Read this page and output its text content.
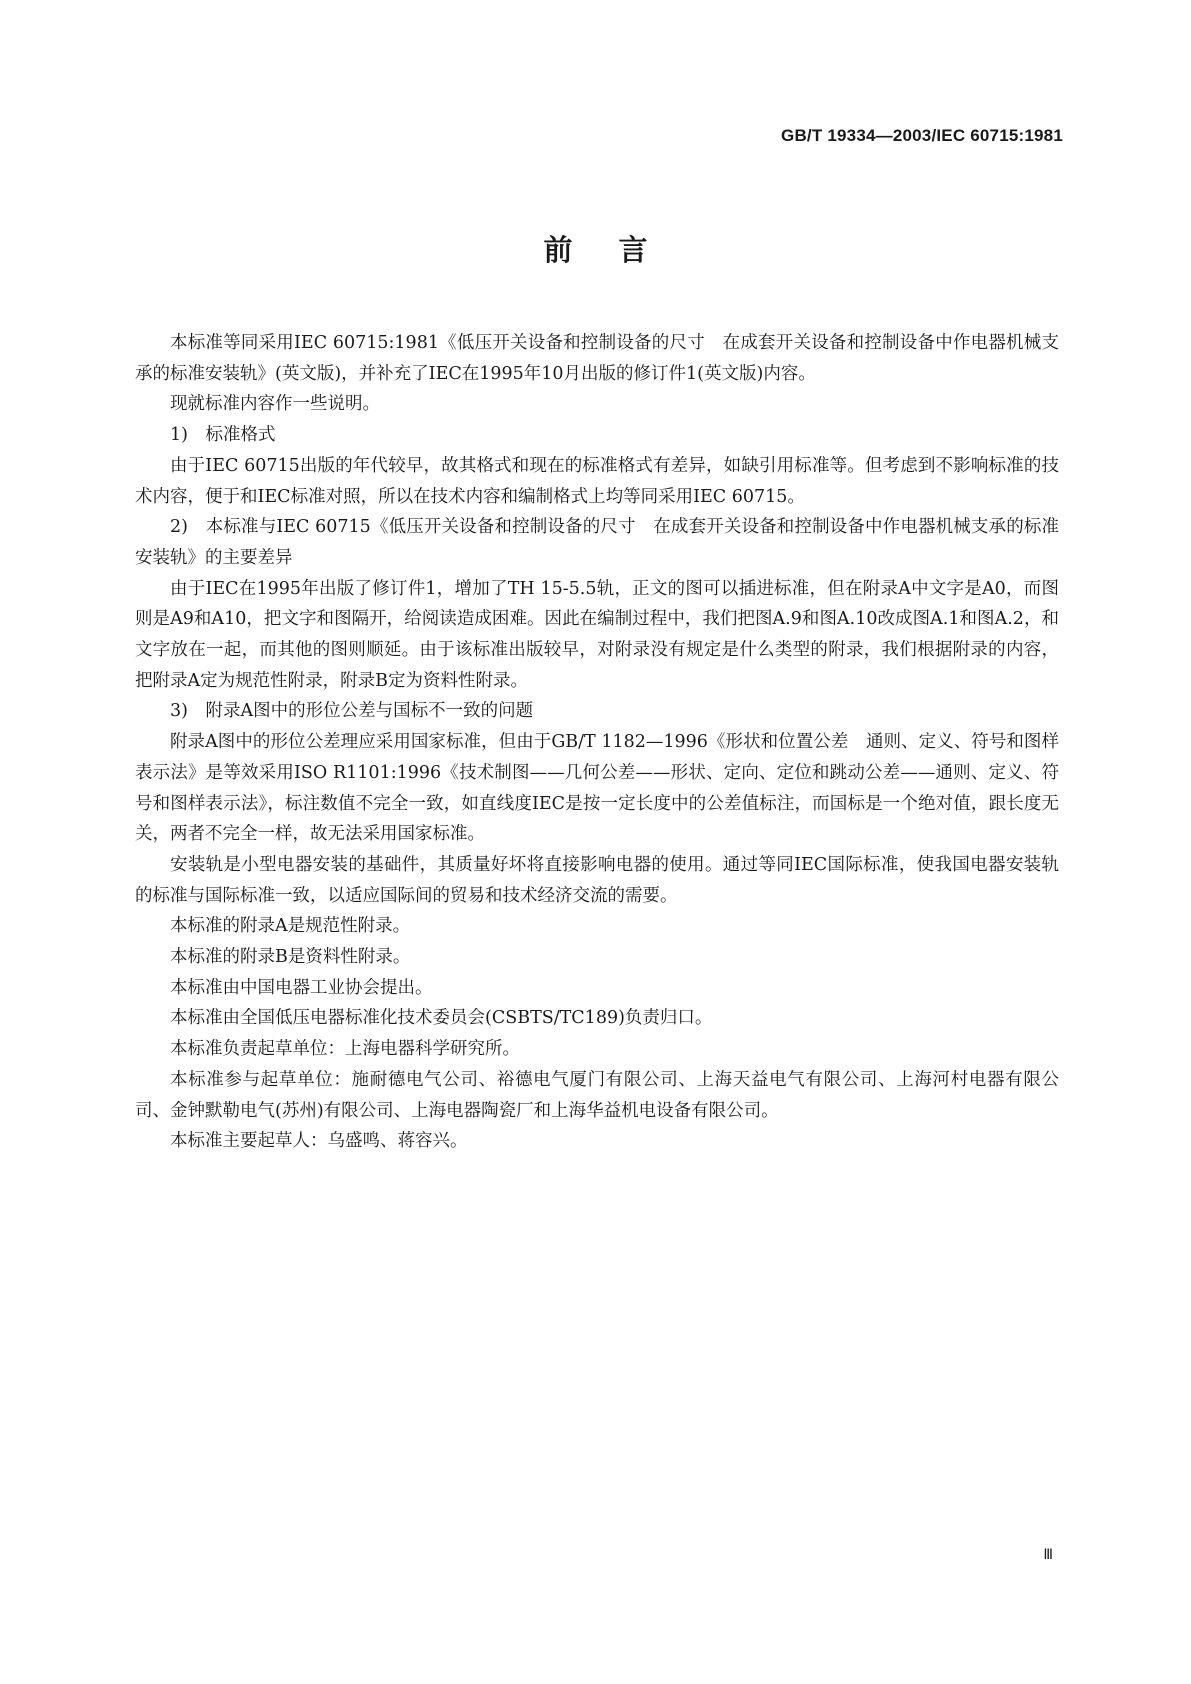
GB/T 19334—2003/IEC 60715:1981
前言

本标准等同采用IEC 60715:1981《低压开关设备和控制设备的尺寸　在成套开关设备和控制设备中作电器机械支承的标准安装轨》(英文版)，并补充了IEC在1995年10月出版的修订件1(英文版)内容。

现就标准内容作一些说明。

1)　标准格式

由于IEC 60715出版的年代较早，故其格式和现在的标准格式有差异，如缺引用标准等。但考虑到不影响标准的技术内容，便于和IEC标准对照，所以在技术内容和编制格式上均等同采用IEC 60715。

2)　本标准与IEC 60715《低压开关设备和控制设备的尺寸　在成套开关设备和控制设备中作电器机械支承的标准安装轨》的主要差异

由于IEC在1995年出版了修订件1，增加了TH 15-5.5轨，正文的图可以插进标准，但在附录A中文字是A0，而图则是A9和A10，把文字和图隔开，给阅读造成困难。因此在编制过程中，我们把图A.9和图A.10改成图A.1和图A.2，和文字放在一起，而其他的图则顺延。由于该标准出版较早，对附录没有规定是什么类型的附录，我们根据附录的内容，把附录A定为规范性附录，附录B定为资料性附录。

3)　附录A图中的形位公差与国标不一致的问题

附录A图中的形位公差理应采用国家标准，但由于GB/T 1182—1996《形状和位置公差　通则、定义、符号和图样表示法》是等效采用ISO R1101:1996《技术制图——几何公差——形状、定向、定位和跳动公差——通则、定义、符号和图样表示法》，标注数值不完全一致，如直线度IEC是按一定长度中的公差值标注，而国标是一个绝对值，跟长度无关，两者不完全一样，故无法采用国家标准。

安装轨是小型电器安装的基础件，其质量好坏将直接影响电器的使用。通过等同IEC国际标准，使我国电器安装轨的标准与国际标准一致，以适应国际间的贸易和技术经济交流的需要。

本标准的附录A是规范性附录。

本标准的附录B是资料性附录。

本标准由中国电器工业协会提出。

本标准由全国低压电器标准化技术委员会(CSBTS/TC189)负责归口。

本标准负责起草单位：上海电器科学研究所。

本标准参与起草单位：施耐德电气公司、裕德电气厦门有限公司、上海天益电气有限公司、上海河村电器有限公司、金钟默勒电气(苏州)有限公司、上海电器陶瓷厂和上海华益机电设备有限公司。

本标准主要起草人：乌盛鸣、蒋容兴。

Ⅲ
